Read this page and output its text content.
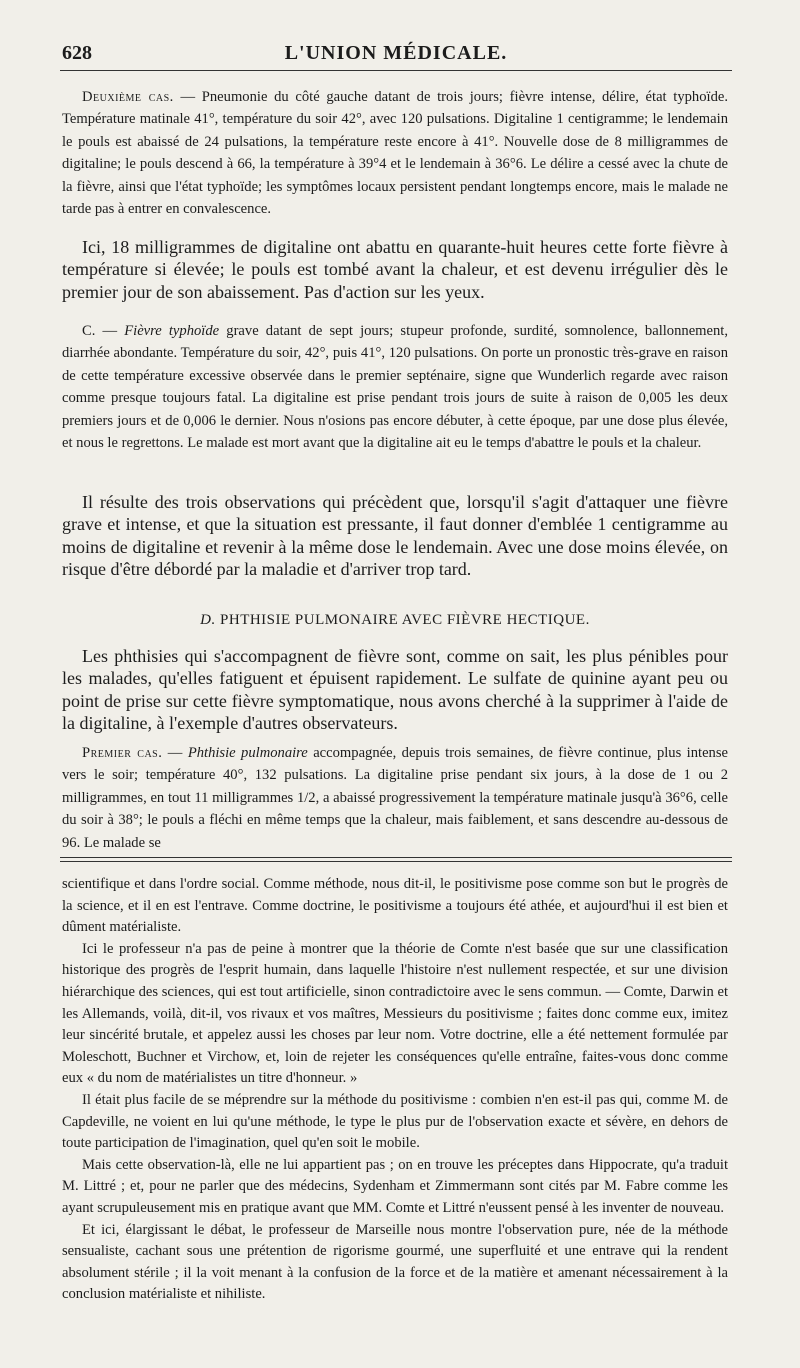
628	L'UNION MÉDICALE.

Deuxième cas. — Pneumonie du côté gauche datant de trois jours; fièvre intense, délire, état typhoïde. Température matinale 41°, température du soir 42°, avec 120 pulsations. Digitaline 1 centigramme; le lendemain le pouls est abaissé de 24 pulsations, la température reste encore à 41°. Nouvelle dose de 8 milligrammes de digitaline; le pouls descend à 66, la température à 39°4 et le lendemain à 36°6. Le délire a cessé avec la chute de la fièvre, ainsi que l'état typhoïde; les symptômes locaux persistent pendant longtemps encore, mais le malade ne tarde pas à entrer en convalescence.

Ici, 18 milligrammes de digitaline ont abattu en quarante-huit heures cette forte fièvre à température si élevée; le pouls est tombé avant la chaleur, et est devenu irrégulier dès le premier jour de son abaissement. Pas d'action sur les yeux.

C. — Fièvre typhoïde grave datant de sept jours; stupeur profonde, surdité, somnolence, ballonnement, diarrhée abondante. Température du soir, 42°, puis 41°, 120 pulsations. On porte un pronostic très-grave en raison de cette température excessive observée dans le premier septénaire, signe que Wunderlich regarde avec raison comme presque toujours fatal. La digitaline est prise pendant trois jours de suite à raison de 0,005 les deux premiers jours et de 0,006 le dernier. Nous n'osions pas encore débuter, à cette époque, par une dose plus élevée, et nous le regrettons. Le malade est mort avant que la digitaline ait eu le temps d'abattre le pouls et la chaleur.

Il résulte des trois observations qui précèdent que, lorsqu'il s'agit d'attaquer une fièvre grave et intense, et que la situation est pressante, il faut donner d'emblée 1 centigramme au moins de digitaline et revenir à la même dose le lendemain. Avec une dose moins élevée, on risque d'être débordé par la maladie et d'arriver trop tard.

D. PHTHISIE PULMONAIRE AVEC FIÈVRE HECTIQUE.

Les phthisies qui s'accompagnent de fièvre sont, comme on sait, les plus pénibles pour les malades, qu'elles fatiguent et épuisent rapidement. Le sulfate de quinine ayant peu ou point de prise sur cette fièvre symptomatique, nous avons cherché à la supprimer à l'aide de la digitaline, à l'exemple d'autres observateurs.

Premier cas. — Phthisie pulmonaire accompagnée, depuis trois semaines, de fièvre continue, plus intense vers le soir; température 40°, 132 pulsations. La digitaline prise pendant six jours, à la dose de 1 ou 2 milligrammes, en tout 11 milligrammes 1/2, a abaissé progressivement la température matinale jusqu'à 36°6, celle du soir à 38°; le pouls a fléchi en même temps que la chaleur, mais faiblement, et sans descendre au-dessous de 96. Le malade se

scientifique et dans l'ordre social. Comme méthode, nous dit-il, le positivisme pose comme son but le progrès de la science, et il en est l'entrave. Comme doctrine, le positivisme a toujours été athée, et aujourd'hui il est bien et dûment matérialiste.

Ici le professeur n'a pas de peine à montrer que la théorie de Comte n'est basée que sur une classification historique des progrès de l'esprit humain, dans laquelle l'histoire n'est nullement respectée, et sur une division hiérarchique des sciences, qui est tout artificielle, sinon contradictoire avec le sens commun. — Comte, Darwin et les Allemands, voilà, dit-il, vos rivaux et vos maîtres, Messieurs du positivisme ; faites donc comme eux, imitez leur sincérité brutale, et appelez aussi les choses par leur nom. Votre doctrine, elle a été nettement formulée par Moleschott, Buchner et Virchow, et, loin de rejeter les conséquences qu'elle entraîne, faites-vous donc comme eux « du nom de matérialistes un titre d'honneur. »

Il était plus facile de se méprendre sur la méthode du positivisme : combien n'en est-il pas qui, comme M. de Capdeville, ne voient en lui qu'une méthode, le type le plus pur de l'observation exacte et sévère, en dehors de toute participation de l'imagination, quel qu'en soit le mobile.

Mais cette observation-là, elle ne lui appartient pas ; on en trouve les préceptes dans Hippocrate, qu'a traduit M. Littré ; et, pour ne parler que des médecins, Sydenham et Zimmermann sont cités par M. Fabre comme les ayant scrupuleusement mis en pratique avant que MM. Comte et Littré n'eussent pensé à les inventer de nouveau.

Et ici, élargissant le débat, le professeur de Marseille nous montre l'observation pure, née de la méthode sensualiste, cachant sous une prétention de rigorisme gourmé, une superfluité et une entrave qui la rendent absolument stérile ; il la voit menant à la confusion de la force et de la matière et amenant nécessairement à la conclusion matérialiste et nihiliste.
